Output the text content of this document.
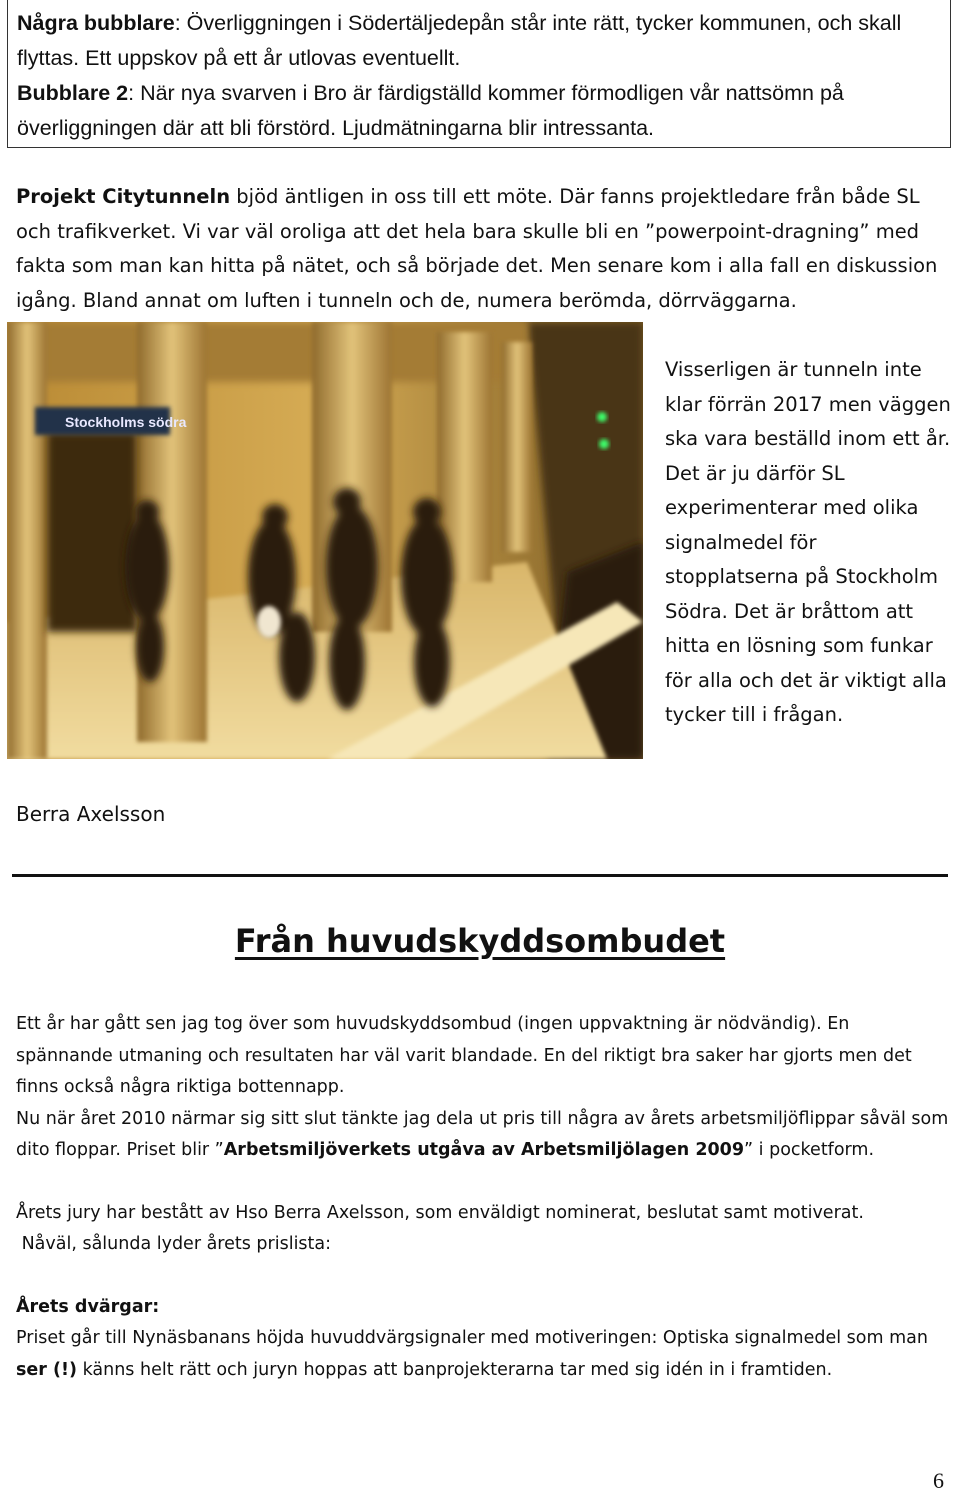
Några bubblare: Överliggningen i Södertäljedepån står inte rätt, tycker kommunen, och skall flyttas. Ett uppskov på ett år utlovas eventuellt.

Bubblare 2: När nya svarven i Bro är färdigställd kommer förmodligen vår nattsömn på överliggningen där att bli förstörd. Ljudmätningarna blir intressanta.

Projekt Citytunneln bjöd äntligen in oss till ett möte. Där fanns projektledare från både SL och trafikverket. Vi var väl oroliga att det hela bara skulle bli en ”powerpoint-dragning” med fakta som man kan hitta på nätet, och så började det. Men senare kom i alla fall en diskussion igång. Bland annat om luften i tunneln och de, numera berömda, dörrväggarna.

Stockholms södra

Visserligen är tunneln inte klar förrän 2017 men väggen ska vara beställd inom ett år. Det är ju därför SL experimenterar med olika signalmedel för stopplatserna på Stockholm Södra. Det är bråttom att hitta en lösning som funkar för alla och det är viktigt alla tycker till i frågan.

Berra Axelsson

Från huvudskyddsombudet

Ett år har gått sen jag tog över som huvudskyddsombud (ingen uppvaktning är nödvändig). En spännande utmaning och resultaten har väl varit blandade. En del riktigt bra saker har gjorts men det finns också några riktiga bottennapp.

Nu när året 2010 närmar sig sitt slut tänkte jag dela ut pris till några av årets arbetsmiljöflippar såväl som dito floppar. Priset blir ”Arbetsmiljöverkets utgåva av Arbetsmiljölagen 2009” i pocketform.

Årets jury har bestått av Hso Berra Axelsson, som enväldigt nominerat, beslutat samt motiverat.

Nåväl, sålunda lyder årets prislista:

Årets dvärgar:

Priset går till Nynäsbanans höjda huvuddvärgsignaler med motiveringen: Optiska signalmedel som man ser (!) känns helt rätt och juryn hoppas att banprojekterarna tar med sig idén in i framtiden.

6
